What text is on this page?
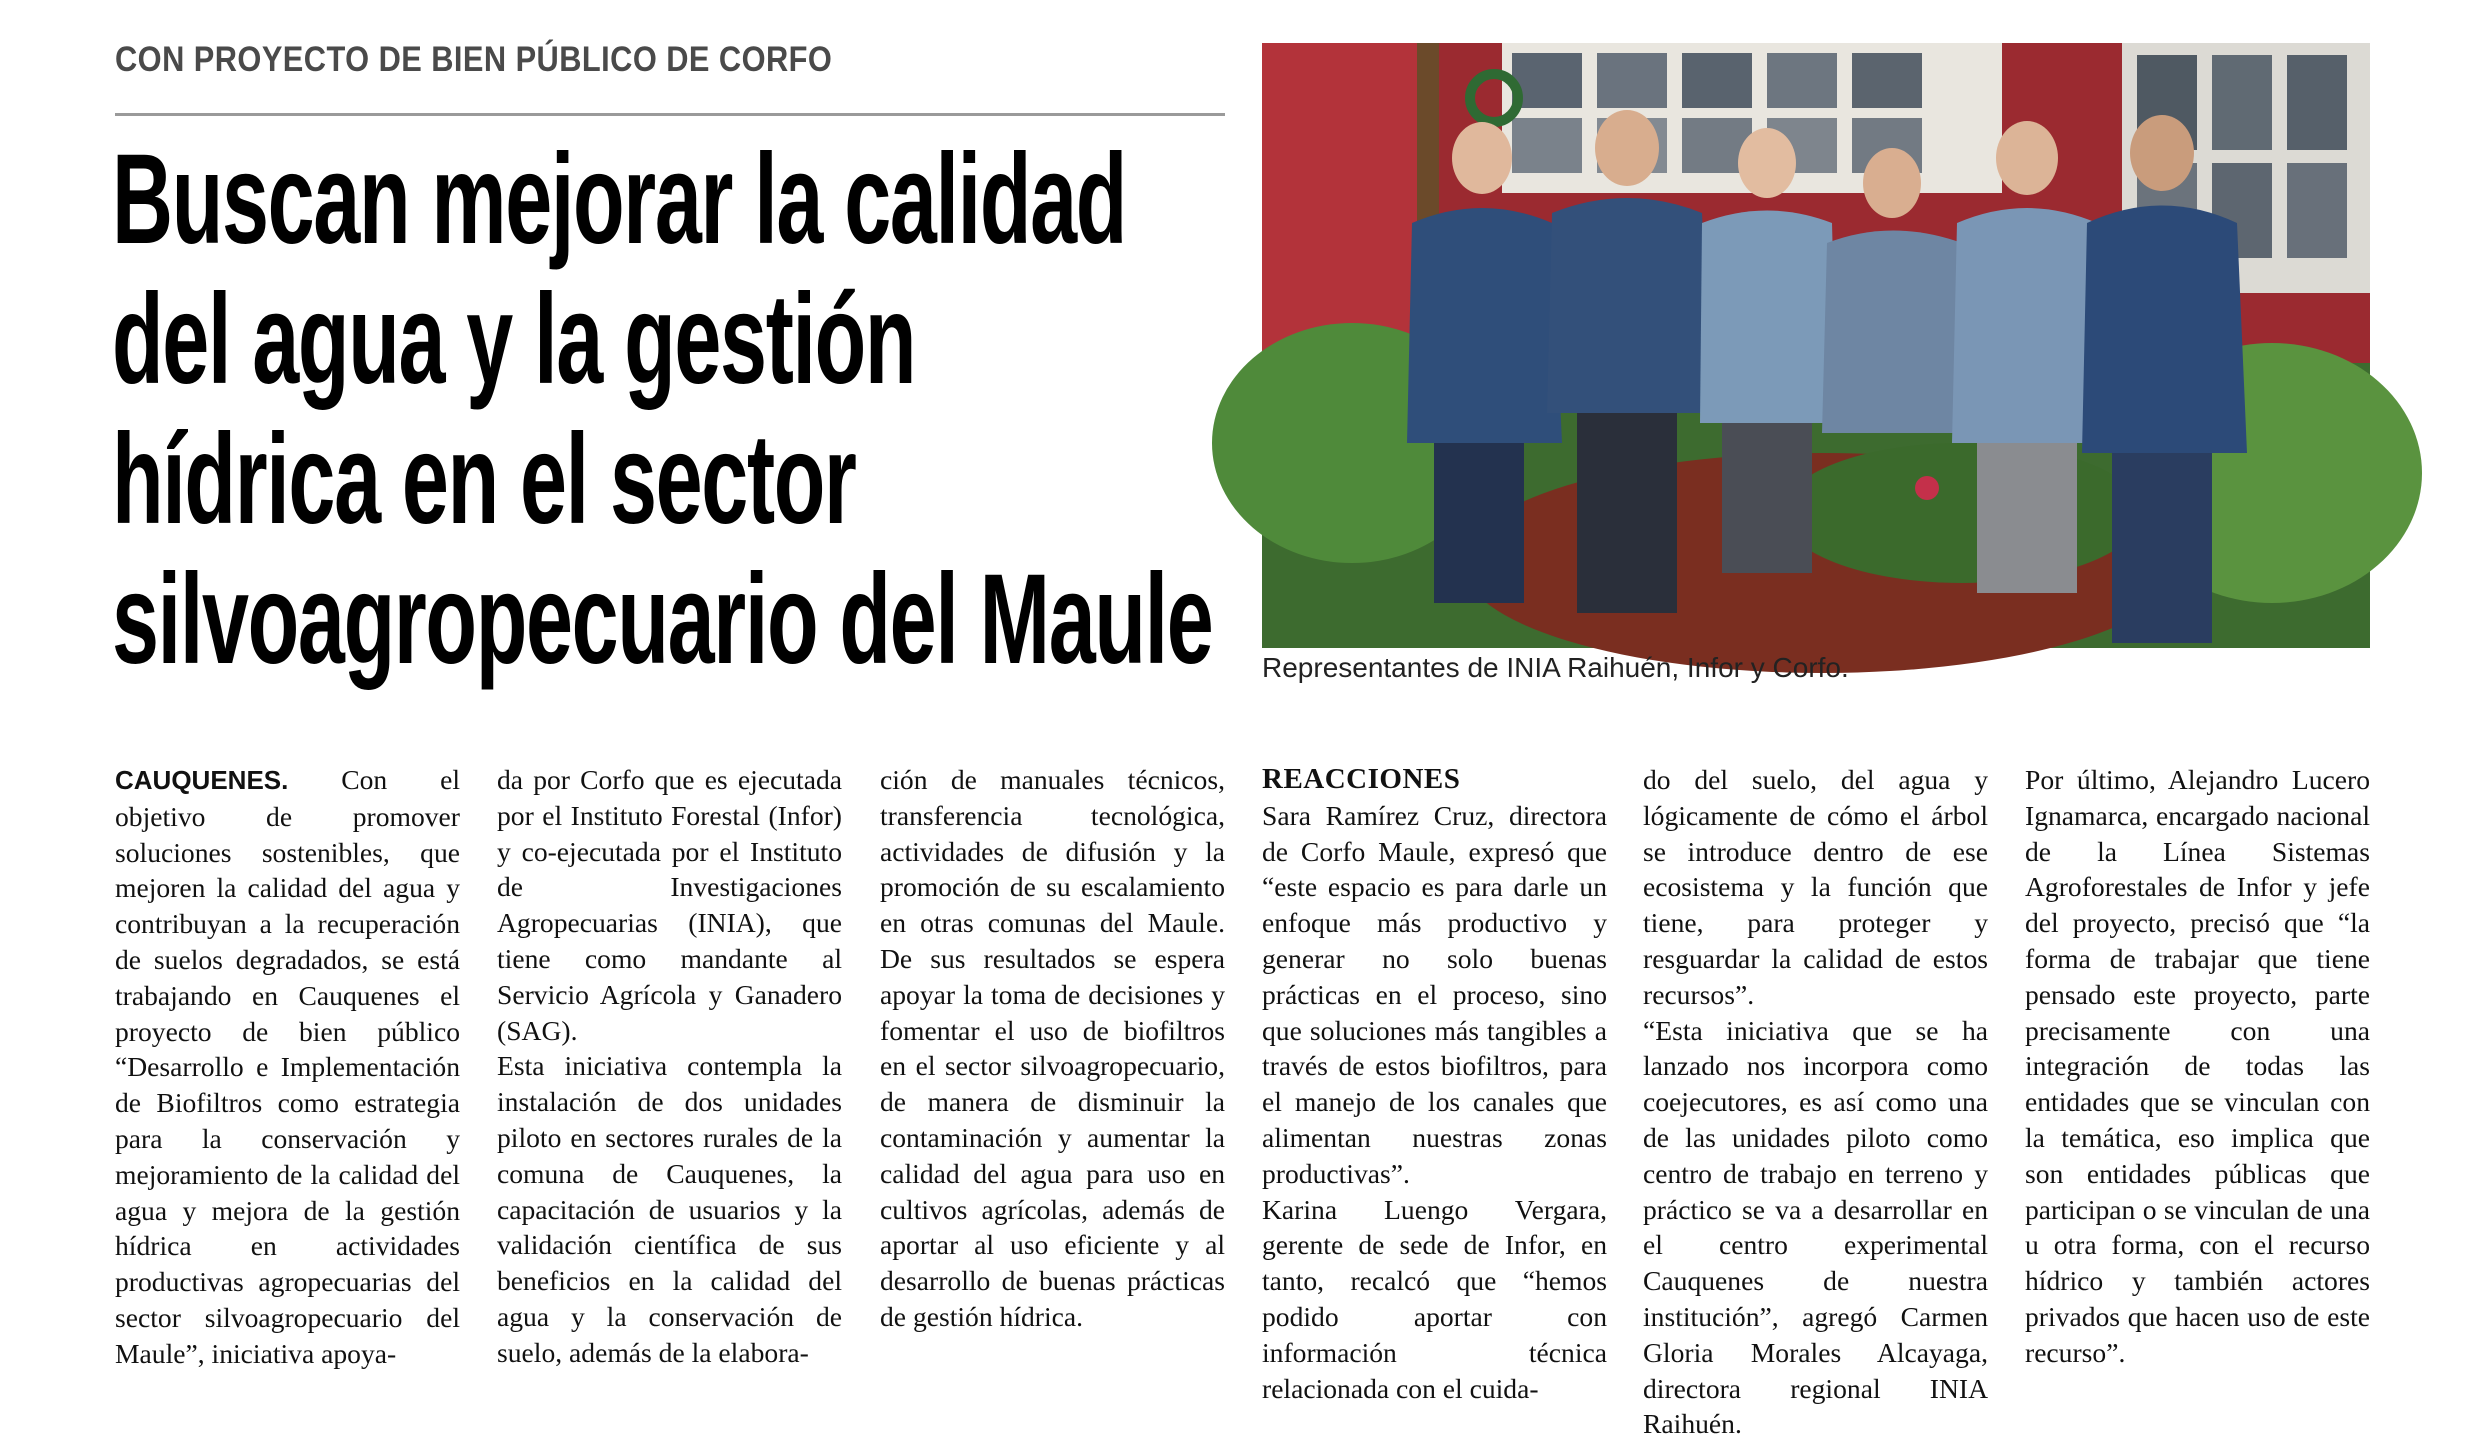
CON PROYECTO DE BIEN PÚBLICO DE CORFO
Buscan mejorar la calidad
del agua y la gestión
hídrica en el sector
silvoagropecuario del Maule Representantes de INIA Raihuén, Infor y Corfo.

CAUQUENES. Con el objetivo de promover soluciones sostenibles, que mejoren la calidad del agua y contribuyan a la recuperación de suelos degradados, se está trabajando en Cauquenes el proyecto de bien público “Desarrollo e Implementación de Biofiltros como estrategia para la conservación y mejoramiento de la calidad del agua y mejora de la gestión hídrica en actividades productivas agropecuarias del sector silvoagropecuario del Maule”, iniciativa apoya-

da por Corfo que es ejecutada por el Instituto Forestal (Infor) y co-ejecutada por el Instituto de Investigaciones Agropecuarias (INIA), que tiene como mandante al Servicio Agrícola y Ganadero (SAG).

Esta iniciativa contempla la instalación de dos unidades piloto en sectores rurales de la comuna de Cauquenes, la capacitación de usuarios y la validación científica de sus beneficios en la calidad del agua y la conservación de suelo, además de la elabora-

ción de manuales técnicos, transferencia tecnológica, actividades de difusión y la promoción de su escalamiento en otras comunas del Maule. De sus resultados se espera apoyar la toma de decisiones y fomentar el uso de biofiltros en el sector silvoagropecuario, de manera de disminuir la contaminación y aumentar la calidad del agua para uso en cultivos agrícolas, además de aportar al uso eficiente y al desarrollo de buenas prácticas de gestión hídrica.

REACCIONES

Sara Ramírez Cruz, directora de Corfo Maule, expresó que “este espacio es para darle un enfoque más productivo y generar no solo buenas prácticas en el proceso, sino que soluciones más tangibles a través de estos biofiltros, para el manejo de los canales que alimentan nuestras zonas productivas”.

Karina Luengo Vergara, gerente de sede de Infor, en tanto, recalcó que “hemos podido aportar con información técnica relacionada con el cuida-

do del suelo, del agua y lógicamente de cómo el árbol se introduce dentro de ese ecosistema y la función que tiene, para proteger y resguardar la calidad de estos recursos”.

“Esta iniciativa que se ha lanzado nos incorpora como coejecutores, es así como una de las unidades piloto como centro de trabajo en terreno y práctico se va a desarrollar en el centro experimental Cauquenes de nuestra institución”, agregó Carmen Gloria Morales Alcayaga, directora regional INIA Raihuén.

Por último, Alejandro Lucero Ignamarca, encargado nacional de la Línea Sistemas Agroforestales de Infor y jefe del proyecto, precisó que “la forma de trabajar que tiene pensado este proyecto, parte precisamente con una integración de todas las entidades que se vinculan con la temática, eso implica que son entidades públicas que participan o se vinculan de una u otra forma, con el recurso hídrico y también actores privados que hacen uso de este recurso”.
